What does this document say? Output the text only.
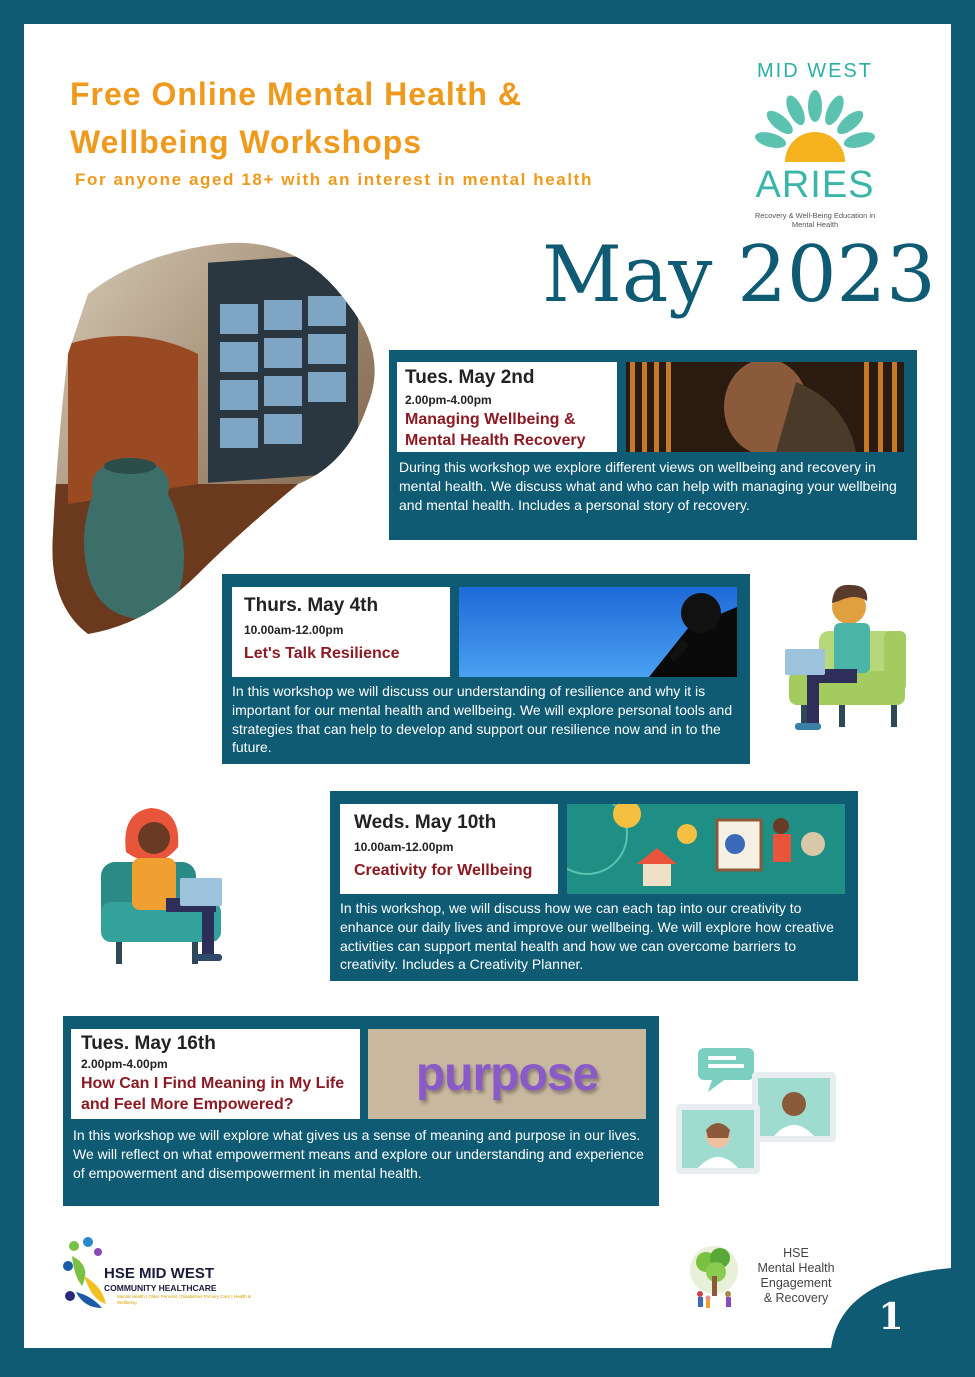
Free Online Mental Health &
Wellbeing Workshops
For anyone aged 18+ with an interest in mental health
MID WEST
ARIES
Recovery & Well-Being Education in Mental Health
May 2023
Tues. May 2nd
2.00pm-4.00pm
Managing Wellbeing & Mental Health Recovery
During this workshop we explore different views on wellbeing and recovery in mental health. We discuss what and who can help with managing your wellbeing and mental health. Includes a personal story of recovery.
Thurs. May 4th
10.00am-12.00pm
Let's Talk Resilience
In this workshop we will discuss our understanding of resilience and why it is important for our mental health and wellbeing. We will explore personal tools and strategies that can help to develop and support our resilience now and in to the future.
Weds. May 10th
10.00am-12.00pm
Creativity for Wellbeing
In this workshop, we will discuss how we can each tap into our creativity to enhance our daily lives and improve our wellbeing. We will explore how creative activities can support mental health and how we can overcome barriers to creativity. Includes a Creativity Planner.
Tues. May 16th
2.00pm-4.00pm
How Can I Find Meaning in My Life and Feel More Empowered?
purpose
In this workshop we will explore what gives us a sense of meaning and purpose in our lives. We will reflect on what empowerment means and explore our understanding and experience of empowerment and disempowerment in mental health.
HSE MID WEST
COMMUNITY HEALTHCARE
Mental Health | Older Persons | Disabilities Primary Care | Health & Wellbeing
HSE
Mental Health
Engagement
& Recovery	1
